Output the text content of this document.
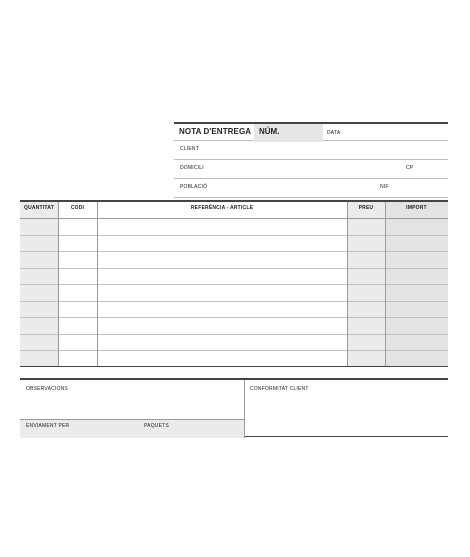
NOTA D'ENTREGA NÚM.	DATA
CLIENT
DOMICILI	CP
POBLACIÓ	NIF
QUANTITAT	CODI	REFERÈNCIA - ARTICLE	PREU	IMPORT
OBSERVACIONS
ENVIAMENT PER	PAQUETS
CONFORMITAT CLIENT
